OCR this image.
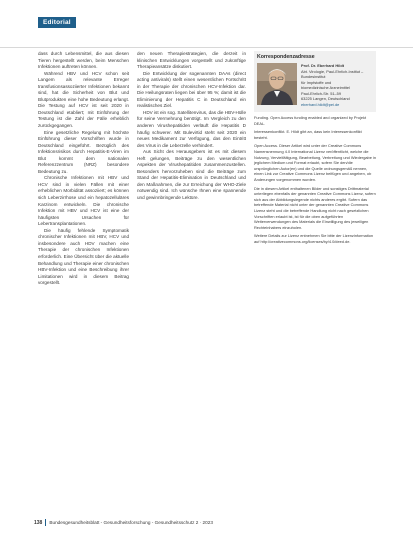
Editorial

dass durch Lebensmittel, die aus diesen Tieren hergestellt werden, beim Menschen Infektionen auftreten können.

Während HBV und HCV schon seit Langem als relevante Erreger transfusionsassoziierter Infektionen bekannt sind, hat die Sicherheit von Blut und Blutprodukten eine hohe Bedeutung erlangt. Die Testung auf HCV ist seit 2020 in Deutschland etabliert; mit Einführung der Testung ist die Zahl der Fälle erheblich zurückgegangen.

Eine gesetzliche Regelung mit höchste Einführung dieser Vorschriften wurde in Deutschland eingeführt. Bezüglich des Infektionsrisikos durch Hepatitis-E-Viren im Blut kommt dem nationalen Referenzzentrum (NRZ) besondere Bedeutung zu.

Chronische Infektionen mit HBV und HCV sind in vielen Fällen mit einer erheblichen Morbidität assoziiert; es können sich Leberzirrhose und ein hepatozelluläres Karzinom entwickeln. Die chronische Infektion mit HBV und HCV ist eine der häufigsten Ursachen für Lebertransplantationen.

Die häufig fehlende Symptomatik chronischer Infektionen mit HBV, HCV und insbesondere auch HDV machen eine Therapie der chronischen Infektionen erforderlich. Eine Übersicht über die aktuelle Behandlung und Therapie einer chronischen HBV-Infektion und eine Beschreibung ihrer Limitationen wird in diesem Beitrag vorgestellt.

den neuen Therapiestrategien, die derzeit in klinischen Entwicklungen vorgestellt und zukünftige Therapieansätze diskutiert.

Die Entwicklung der sogenannten DAAs (direct acting antivirals) stellt einen wesentlichen Fortschritt in der Therapie der chronischen HCV-Infektion dar. Die Heilungsraten liegen bei über 95 %; damit ist die Eliminierung der Hepatitis C in Deutschland ein realistisches Ziel.

HDV ist ein sog. Satellitenvirus, das die HBV-Hülle für seine Vermehrung benötigt. Im Vergleich zu den anderen Virushepatitiden verläuft die Hepatitis D häufig schwerer. Mit Bulevirtid steht seit 2020 ein neues Medikament zur Verfügung, das den Eintritt des Virus in die Leberzelle verhindert.

Aus Sicht des Herausgebers ist es mit diesem Heft gelungen, Beiträge zu den wesentlichen Aspekten der Virushepatitiden zusammenzustellen. Besonders hervorzuheben sind die Beiträge zum Stand der Hepatitis-Elimination in Deutschland und den Maßnahmen, die zur Erreichung der WHO-Ziele notwendig sind. Ich wünsche Ihnen eine spannende und gewinnbringende Lektüre.

Korrespondenzadresse
Prof. Dr. Eberhard Hildt
Abt. Virologie, Paul-Ehrlich-Institut – Bundesinstitut
für Impfstoffe und
biomedizinische Arzneimittel
Paul-Ehrlich-Str. 51–59
63225 Langen, Deutschland
eberhard.hildt@pei.de

Funding. Open Access funding enabled and organized by Projekt DEAL.

Interessenkonflikt. E. Hildt gibt an, dass kein Interessenkonflikt besteht.

Open Access. Dieser Artikel wird unter der Creative Commons Namensnennung 4.0 International Lizenz veröffentlicht, welche die Nutzung, Vervielfältigung, Bearbeitung, Verbreitung und Wiedergabe in jeglichem Medium und Format erlaubt, sofern Sie den/die ursprünglichen Autor(en) und die Quelle ordnungsgemäß nennen, einen Link zur Creative Commons Lizenz beifügen und angeben, ob Änderungen vorgenommen wurden.

Die in diesem Artikel enthaltenen Bilder und sonstiges Drittmaterial unterliegen ebenfalls der genannten Creative Commons Lizenz, sofern sich aus der Abbildungslegende nichts anderes ergibt. Sofern das betreffende Material nicht unter der genannten Creative Commons Lizenz steht und die betreffende Handlung nicht nach gesetzlichen Vorschriften erlaubt ist, ist für die oben aufgeführten Weiterverwendungen des Materials die Einwilligung des jeweiligen Rechteinhabers einzuholen.

Weitere Details zur Lizenz entnehmen Sie bitte der Lizenzinformation auf http://creativecommons.org/licenses/by/4.0/deed.de.

138 Bundesgesundheitsblatt - Gesundheitsforschung - Gesundheitsschutz 2 · 2023
